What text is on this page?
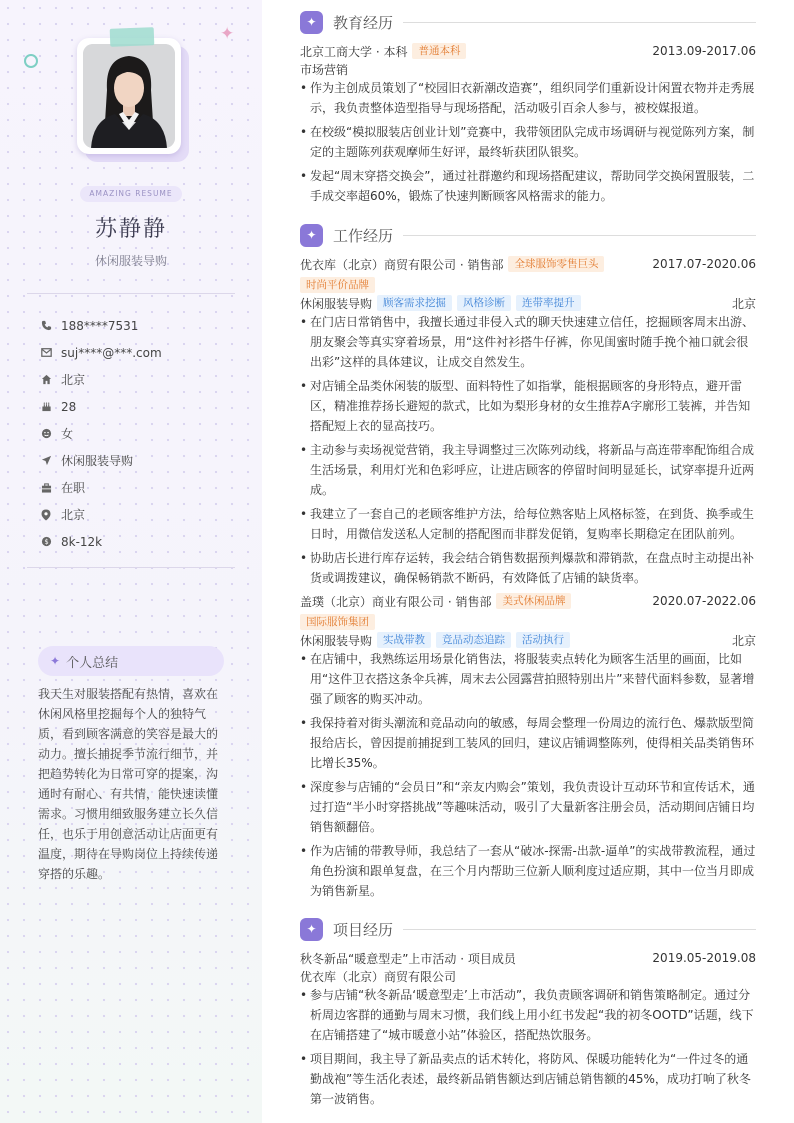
✦
AMAZING RESUME
苏静静
休闲服装导购
188****7531
suj****@***.com
北京
28
女
休闲服装导购
在职
北京
$ 8k-12k
✦ 个人总结
我天生对服装搭配有热情，喜欢在休闲风格里挖掘每个人的独特气质，看到顾客满意的笑容是最大的动力。擅长捕捉季节流行细节，并把趋势转化为日常可穿的提案，沟通时有耐心、有共情，能快速读懂需求。习惯用细致服务建立长久信任，也乐于用创意活动让店面更有温度，期待在导购岗位上持续传递穿搭的乐趣。
✦	教育经历
北京工商大学 · 本科	普通本科	2013.09-2017.06
市场营销
• 作为主创成员策划了“校园旧衣新潮改造赛”，组织同学们重新设计闲置衣物并走秀展示，我负责整体造型指导与现场搭配，活动吸引百余人参与，被校媒报道。
• 在校级“模拟服装店创业计划”竞赛中，我带领团队完成市场调研与视觉陈列方案，制定的主题陈列获观摩师生好评，最终斩获团队银奖。
• 发起“周末穿搭交换会”，通过社群邀约和现场搭配建议，帮助同学交换闲置服装，二手成交率超60%，锻炼了快速判断顾客风格需求的能力。
✦	工作经历
优衣库（北京）商贸有限公司 · 销售部	全球服饰零售巨头	2017.07-2020.06
时尚平价品牌
休闲服装导购	顾客需求挖掘	风格诊断	连带率提升	北京
• 在门店日常销售中，我擅长通过非侵入式的聊天快速建立信任，挖掘顾客周末出游、朋友聚会等真实穿着场景，用“这件衬衫搭牛仔裤，你见闺蜜时随手挽个袖口就会很出彩”这样的具体建议，让成交自然发生。
• 对店铺全品类休闲装的版型、面料特性了如指掌，能根据顾客的身形特点，避开雷区，精准推荐扬长避短的款式，比如为梨形身材的女生推荐A字廓形工装裤，并告知搭配短上衣的显高技巧。
• 主动参与卖场视觉营销，我主导调整过三次陈列动线，将新品与高连带率配饰组合成生活场景，利用灯光和色彩呼应，让进店顾客的停留时间明显延长，试穿率提升近两成。
• 我建立了一套自己的老顾客维护方法，给每位熟客贴上风格标签，在到货、换季或生日时，用微信发送私人定制的搭配图而非群发促销，复购率长期稳定在团队前列。
• 协助店长进行库存运转，我会结合销售数据预判爆款和滞销款，在盘点时主动提出补货或调拨建议，确保畅销款不断码，有效降低了店铺的缺货率。
盖璞（北京）商业有限公司 · 销售部	美式休闲品牌	2020.07-2022.06
国际服饰集团
休闲服装导购	实战带教	竞品动态追踪	活动执行	北京
• 在店铺中，我熟练运用场景化销售法，将服装卖点转化为顾客生活里的画面，比如用“这件卫衣搭这条伞兵裤，周末去公园露营拍照特别出片”来替代面料参数，显著增强了顾客的购买冲动。
• 我保持着对街头潮流和竞品动向的敏感，每周会整理一份周边的流行色、爆款版型简报给店长，曾因提前捕捉到工装风的回归，建议店铺调整陈列，使得相关品类销售环比增长35%。
• 深度参与店铺的“会员日”和“亲友内购会”策划，我负责设计互动环节和宣传话术，通过打造“半小时穿搭挑战”等趣味活动，吸引了大量新客注册会员，活动期间店铺日均销售额翻倍。
• 作为店铺的带教导师，我总结了一套从“破冰-探需-出款-逼单”的实战带教流程，通过角色扮演和跟单复盘，在三个月内帮助三位新人顺利度过适应期，其中一位当月即成为销售新星。
✦	项目经历
秋冬新品“暖意型走”上市活动 · 项目成员	2019.05-2019.08
优衣库（北京）商贸有限公司
• 参与店铺“秋冬新品‘暖意型走’上市活动”，我负责顾客调研和销售策略制定。通过分析周边客群的通勤与周末习惯，我们线上用小红书发起“我的初冬OOTD”话题，线下在店铺搭建了“城市暖意小站”体验区，搭配热饮服务。
• 项目期间，我主导了新品卖点的话术转化，将防风、保暖功能转化为“一件过冬的通勤战袍”等生活化表述，最终新品销售额达到店铺总销售额的45%，成功打响了秋冬第一波销售。
